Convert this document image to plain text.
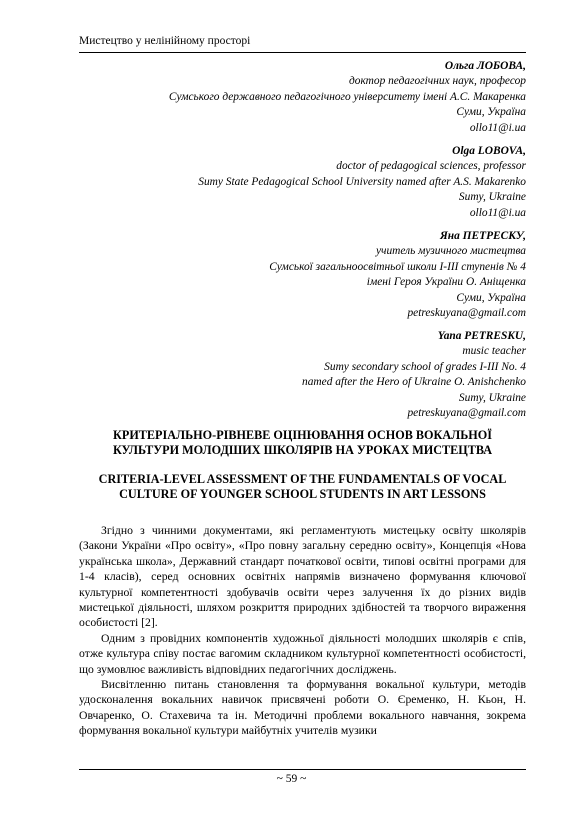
Мистецтво у нелінійному просторі
Ольга ЛОБОВА,
доктор педагогічних наук, професор
Сумського державного педагогічного університету імені А.С. Макаренка
Суми, Україна
ollo11@i.ua
Olga LOBOVA,
doctor of pedagogical sciences, professor
Sumy State Pedagogical School University named after A.S. Makarenko
Sumy, Ukraine
ollo11@i.ua
Яна ПЕТРЕСКУ,
учитель музичного мистецтва
Сумської загальноосвітньої школи І-ІІІ ступенів № 4
імені Героя України О. Аніщенка
Суми, Україна
petreskuyana@gmail.com
Yana PETRESKU,
music teacher
Sumy secondary school of grades I-III No. 4
named after the Hero of Ukraine O. Anishchenko
Sumy, Ukraine
petreskuyana@gmail.com
КРИТЕРІАЛЬНО-РІВНЕВЕ ОЦІНЮВАННЯ ОСНОВ ВОКАЛЬНОЇ КУЛЬТУРИ МОЛОДШИХ ШКОЛЯРІВ НА УРОКАХ МИСТЕЦТВА
CRITERIA-LEVEL ASSESSMENT OF THE FUNDAMENTALS OF VOCAL CULTURE OF YOUNGER SCHOOL STUDENTS IN ART LESSONS

Згідно з чинними документами, які регламентують мистецьку освіту школярів (Закони України «Про освіту», «Про повну загальну середню освіту», Концепція «Нова українська школа», Державний стандарт початкової освіти, типові освітні програми для 1-4 класів), серед основних освітніх напрямів визначено формування ключової культурної компетентності здобувачів освіти через залучення їх до різних видів мистецької діяльності, шляхом розкриття природних здібностей та творчого вираження особистості [2].

Одним з провідних компонентів художньої діяльності молодших школярів є спів, отже культура співу постає вагомим складником культурної компетентності особистості, що зумовлює важливість відповідних педагогічних досліджень.

Висвітленню питань становлення та формування вокальної культури, методів удосконалення вокальних навичок присвячені роботи О. Єременко, Н. Кьон, Н. Овчаренко, О. Стахевича та ін. Методичні проблеми вокального навчання, зокрема формування вокальної культури майбутніх учителів музики

~ 59 ~
